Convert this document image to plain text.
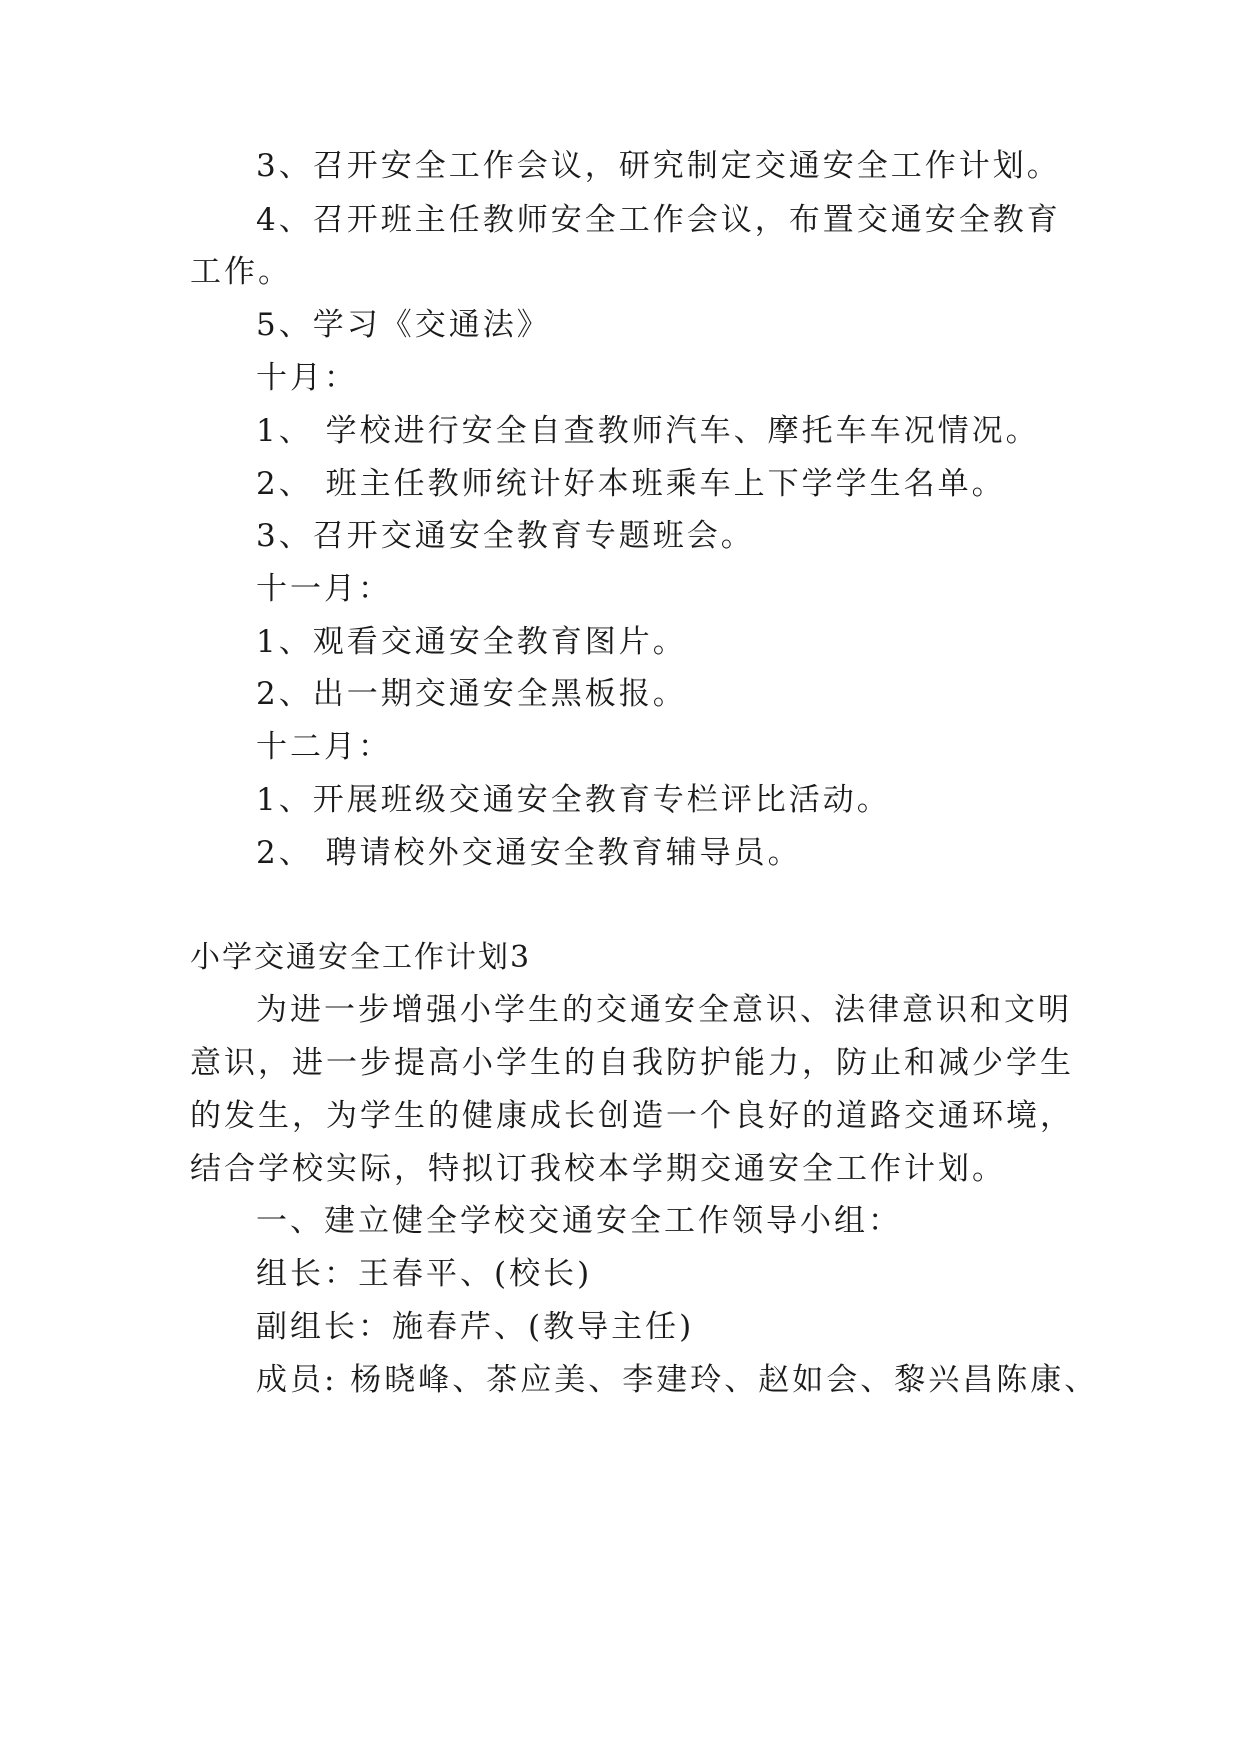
3、召开安全工作会议，研究制定交通安全工作计划。
4、召开班主任教师安全工作会议，布置交通安全教育
工作。
5、学习《交通法》
十月：
1、 学校进行安全自查教师汽车、摩托车车况情况。
2、 班主任教师统计好本班乘车上下学学生名单。
3、召开交通安全教育专题班会。
十一月：
1、观看交通安全教育图片。
2、出一期交通安全黑板报。
十二月：
1、开展班级交通安全教育专栏评比活动。
2、 聘请校外交通安全教育辅导员。
小学交通安全工作计划3
为进一步增强小学生的交通安全意识、法律意识和文明
意识，进一步提高小学生的自我防护能力，防止和减少学生
的发生，为学生的健康成长创造一个良好的道路交通环境，
结合学校实际，特拟订我校本学期交通安全工作计划。
一、建立健全学校交通安全工作领导小组：
组长：王春平、(校长)
副组长：施春芹、(教导主任)
成员: 杨晓峰、茶应美、李建玲、赵如会、黎兴昌陈康、
